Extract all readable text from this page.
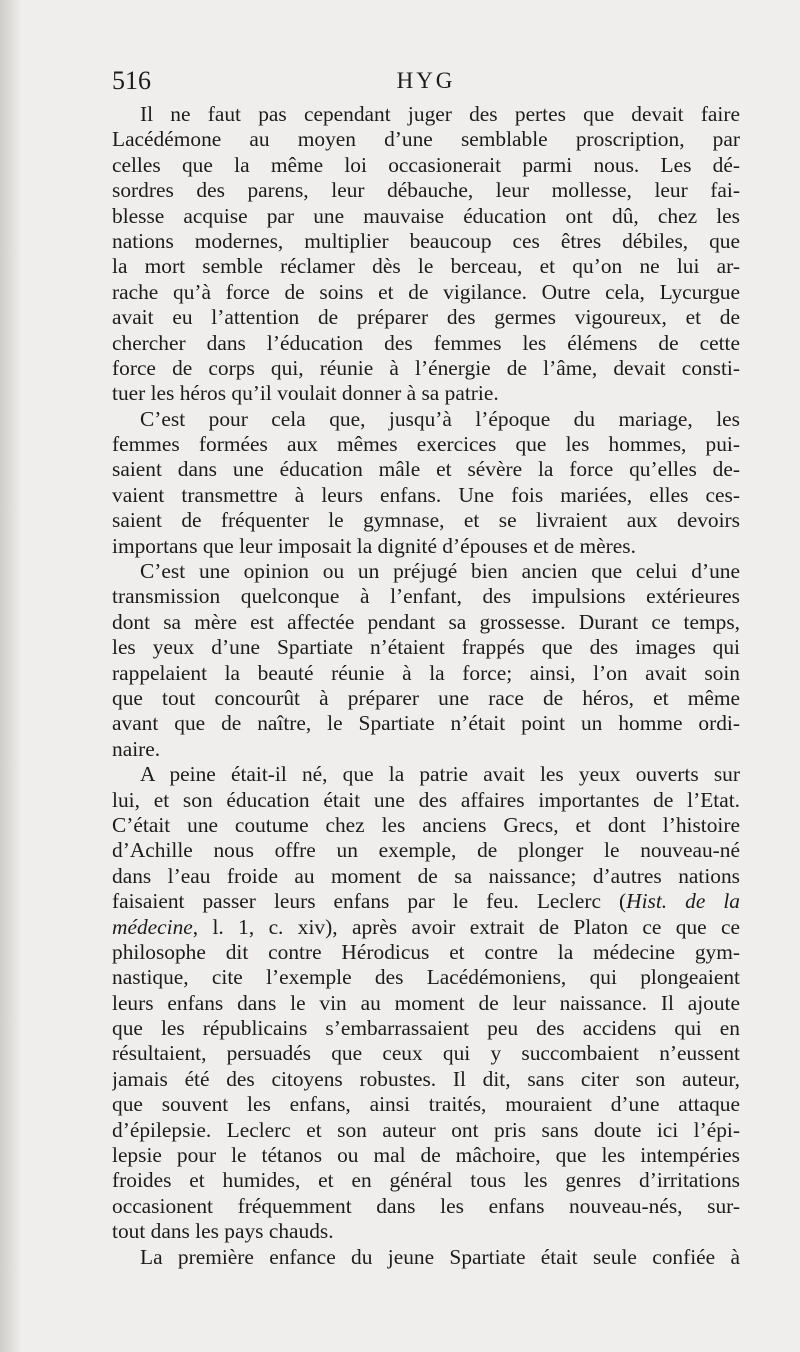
516	HYG
Il ne faut pas cependant juger des pertes que devait faire
Lacédémone au moyen d’une semblable proscription, par
celles que la même loi occasionerait parmi nous. Les dé-
sordres des parens, leur débauche, leur mollesse, leur fai-
blesse acquise par une mauvaise éducation ont dû, chez les
nations modernes, multiplier beaucoup ces êtres débiles, que
la mort semble réclamer dès le berceau, et qu’on ne lui ar-
rache qu’à force de soins et de vigilance. Outre cela, Lycurgue
avait eu l’attention de préparer des germes vigoureux, et de
chercher dans l’éducation des femmes les élémens de cette
force de corps qui, réunie à l’énergie de l’âme, devait consti-
tuer les héros qu’il voulait donner à sa patrie.
C’est pour cela que, jusqu’à l’époque du mariage, les
femmes formées aux mêmes exercices que les hommes, pui-
saient dans une éducation mâle et sévère la force qu’elles de-
vaient transmettre à leurs enfans. Une fois mariées, elles ces-
saient de fréquenter le gymnase, et se livraient aux devoirs
importans que leur imposait la dignité d’épouses et de mères.
C’est une opinion ou un préjugé bien ancien que celui d’une
transmission quelconque à l’enfant, des impulsions extérieures
dont sa mère est affectée pendant sa grossesse. Durant ce temps,
les yeux d’une Spartiate n’étaient frappés que des images qui
rappelaient la beauté réunie à la force; ainsi, l’on avait soin
que tout concourût à préparer une race de héros, et même
avant que de naître, le Spartiate n’était point un homme ordi-
naire.
A peine était-il né, que la patrie avait les yeux ouverts sur
lui, et son éducation était une des affaires importantes de l’Etat.
C’était une coutume chez les anciens Grecs, et dont l’histoire
d’Achille nous offre un exemple, de plonger le nouveau-né
dans l’eau froide au moment de sa naissance; d’autres nations
faisaient passer leurs enfans par le feu. Leclerc (Hist. de la
médecine, l. 1, c. xiv), après avoir extrait de Platon ce que ce
philosophe dit contre Hérodicus et contre la médecine gym-
nastique, cite l’exemple des Lacédémoniens, qui plongeaient
leurs enfans dans le vin au moment de leur naissance. Il ajoute
que les républicains s’embarrassaient peu des accidens qui en
résultaient, persuadés que ceux qui y succombaient n’eussent
jamais été des citoyens robustes. Il dit, sans citer son auteur,
que souvent les enfans, ainsi traités, mouraient d’une attaque
d’épilepsie. Leclerc et son auteur ont pris sans doute ici l’épi-
lepsie pour le tétanos ou mal de mâchoire, que les intempéries
froides et humides, et en général tous les genres d’irritations
occasionent fréquemment dans les enfans nouveau-nés, sur-
tout dans les pays chauds.
La première enfance du jeune Spartiate était seule confiée à
